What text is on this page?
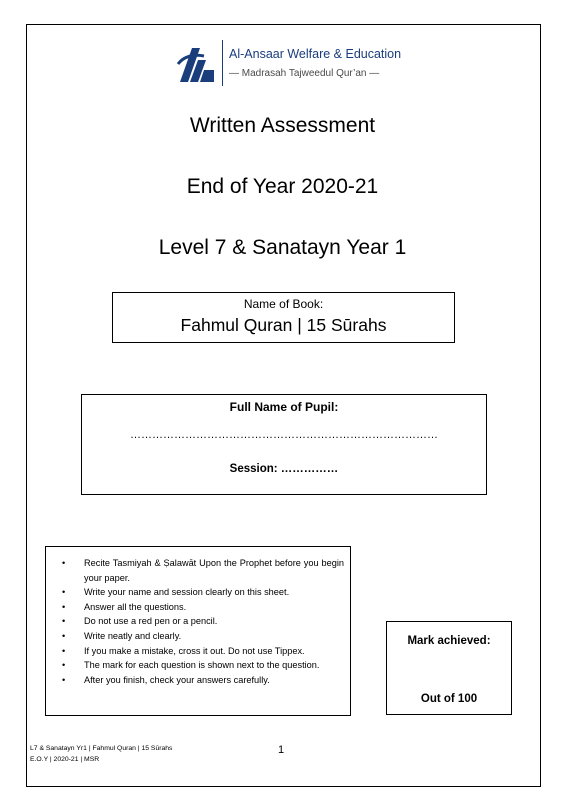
Al-Ansaar Welfare & Education
— Madrasah Tajweedul Qur’an —
Written Assessment
End of Year 2020-21
Level 7 & Sanatayn Year 1
Name of Book:
Fahmul Quran | 15 Sūrahs
Full Name of Pupil:
…………………………………………………………………………
Session: ……………
• Recite Tasmiyah & Ṣalawāt Upon the Prophet before you begin your paper.
• Write your name and session clearly on this sheet.
• Answer all the questions.
• Do not use a red pen or a pencil.
• Write neatly and clearly.
• If you make a mistake, cross it out. Do not use Tippex.
• The mark for each question is shown next to the question.
• After you finish, check your answers carefully.
Mark achieved:
Out of 100
L7 & Sanatayn Yr1 | Fahmul Quran | 15 Sūrahs
E.O.Y | 2020-21 | MSR
1
